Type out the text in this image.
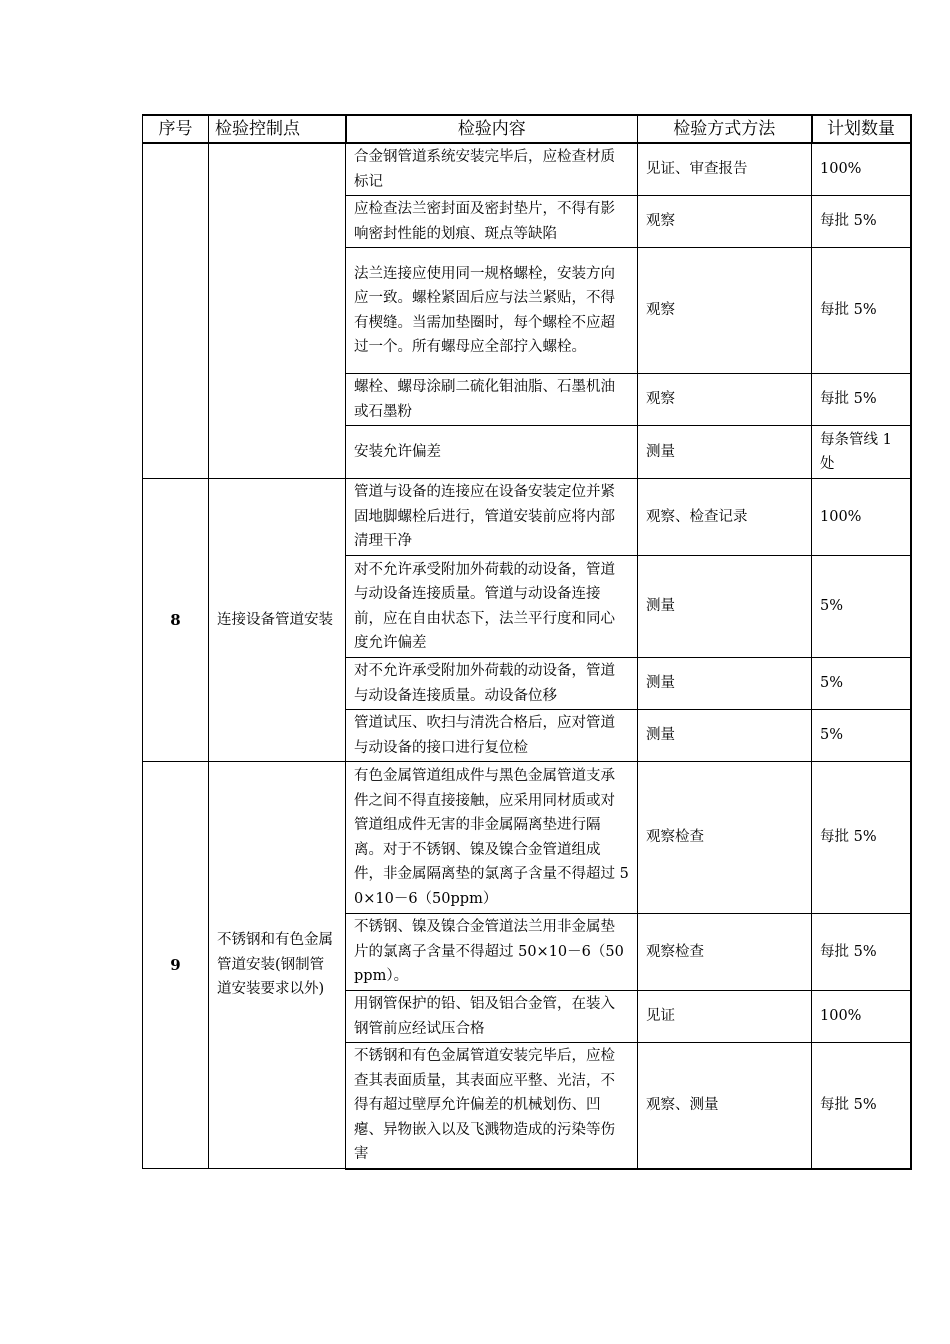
序号	检验控制点	检验内容	检验方式方法	计划数量
		合金钢管道系统安装完毕后，应检查材质标记	见证、审查报告	100%
		应检查法兰密封面及密封垫片，不得有影响密封性能的划痕、斑点等缺陷	观察	每批 5%
		法兰连接应使用同一规格螺栓，安装方向应一致。螺栓紧固后应与法兰紧贴，不得有楔缝。当需加垫圈时，每个螺栓不应超过一个。所有螺母应全部拧入螺栓。	观察	每批 5%
		螺栓、螺母涂刷二硫化钼油脂、石墨机油或石墨粉	观察	每批 5%
		安装允许偏差	测量	每条管线 1 处
8	连接设备管道安装	管道与设备的连接应在设备安装定位并紧固地脚螺栓后进行，管道安装前应将内部清理干净	观察、检查记录	100%
		对不允许承受附加外荷载的动设备，管道与动设备连接质量。管道与动设备连接前，应在自由状态下，法兰平行度和同心度允许偏差	测量	5%
		对不允许承受附加外荷载的动设备，管道与动设备连接质量。动设备位移	测量	5%
		管道试压、吹扫与清洗合格后，应对管道与动设备的接口进行复位检	测量	5%
9	不锈钢和有色金属管道安装(钢制管道安装要求以外)	有色金属管道组成件与黑色金属管道支承件之间不得直接接触，应采用同材质或对管道组成件无害的非金属隔离垫进行隔离。对于不锈钢、镍及镍合金管道组成件，非金属隔离垫的氯离子含量不得超过 50×10－6（50ppm）	观察检查	每批 5%
		不锈钢、镍及镍合金管道法兰用非金属垫片的氯离子含量不得超过 50×10－6（50ppm）。	观察检查	每批 5%
		用钢管保护的铅、铝及铝合金管，在装入钢管前应经试压合格	见证	100%
		不锈钢和有色金属管道安装完毕后，应检查其表面质量，其表面应平整、光洁，不得有超过壁厚允许偏差的机械划伤、凹瘪、异物嵌入以及飞溅物造成的污染等伤害	观察、测量	每批 5%
